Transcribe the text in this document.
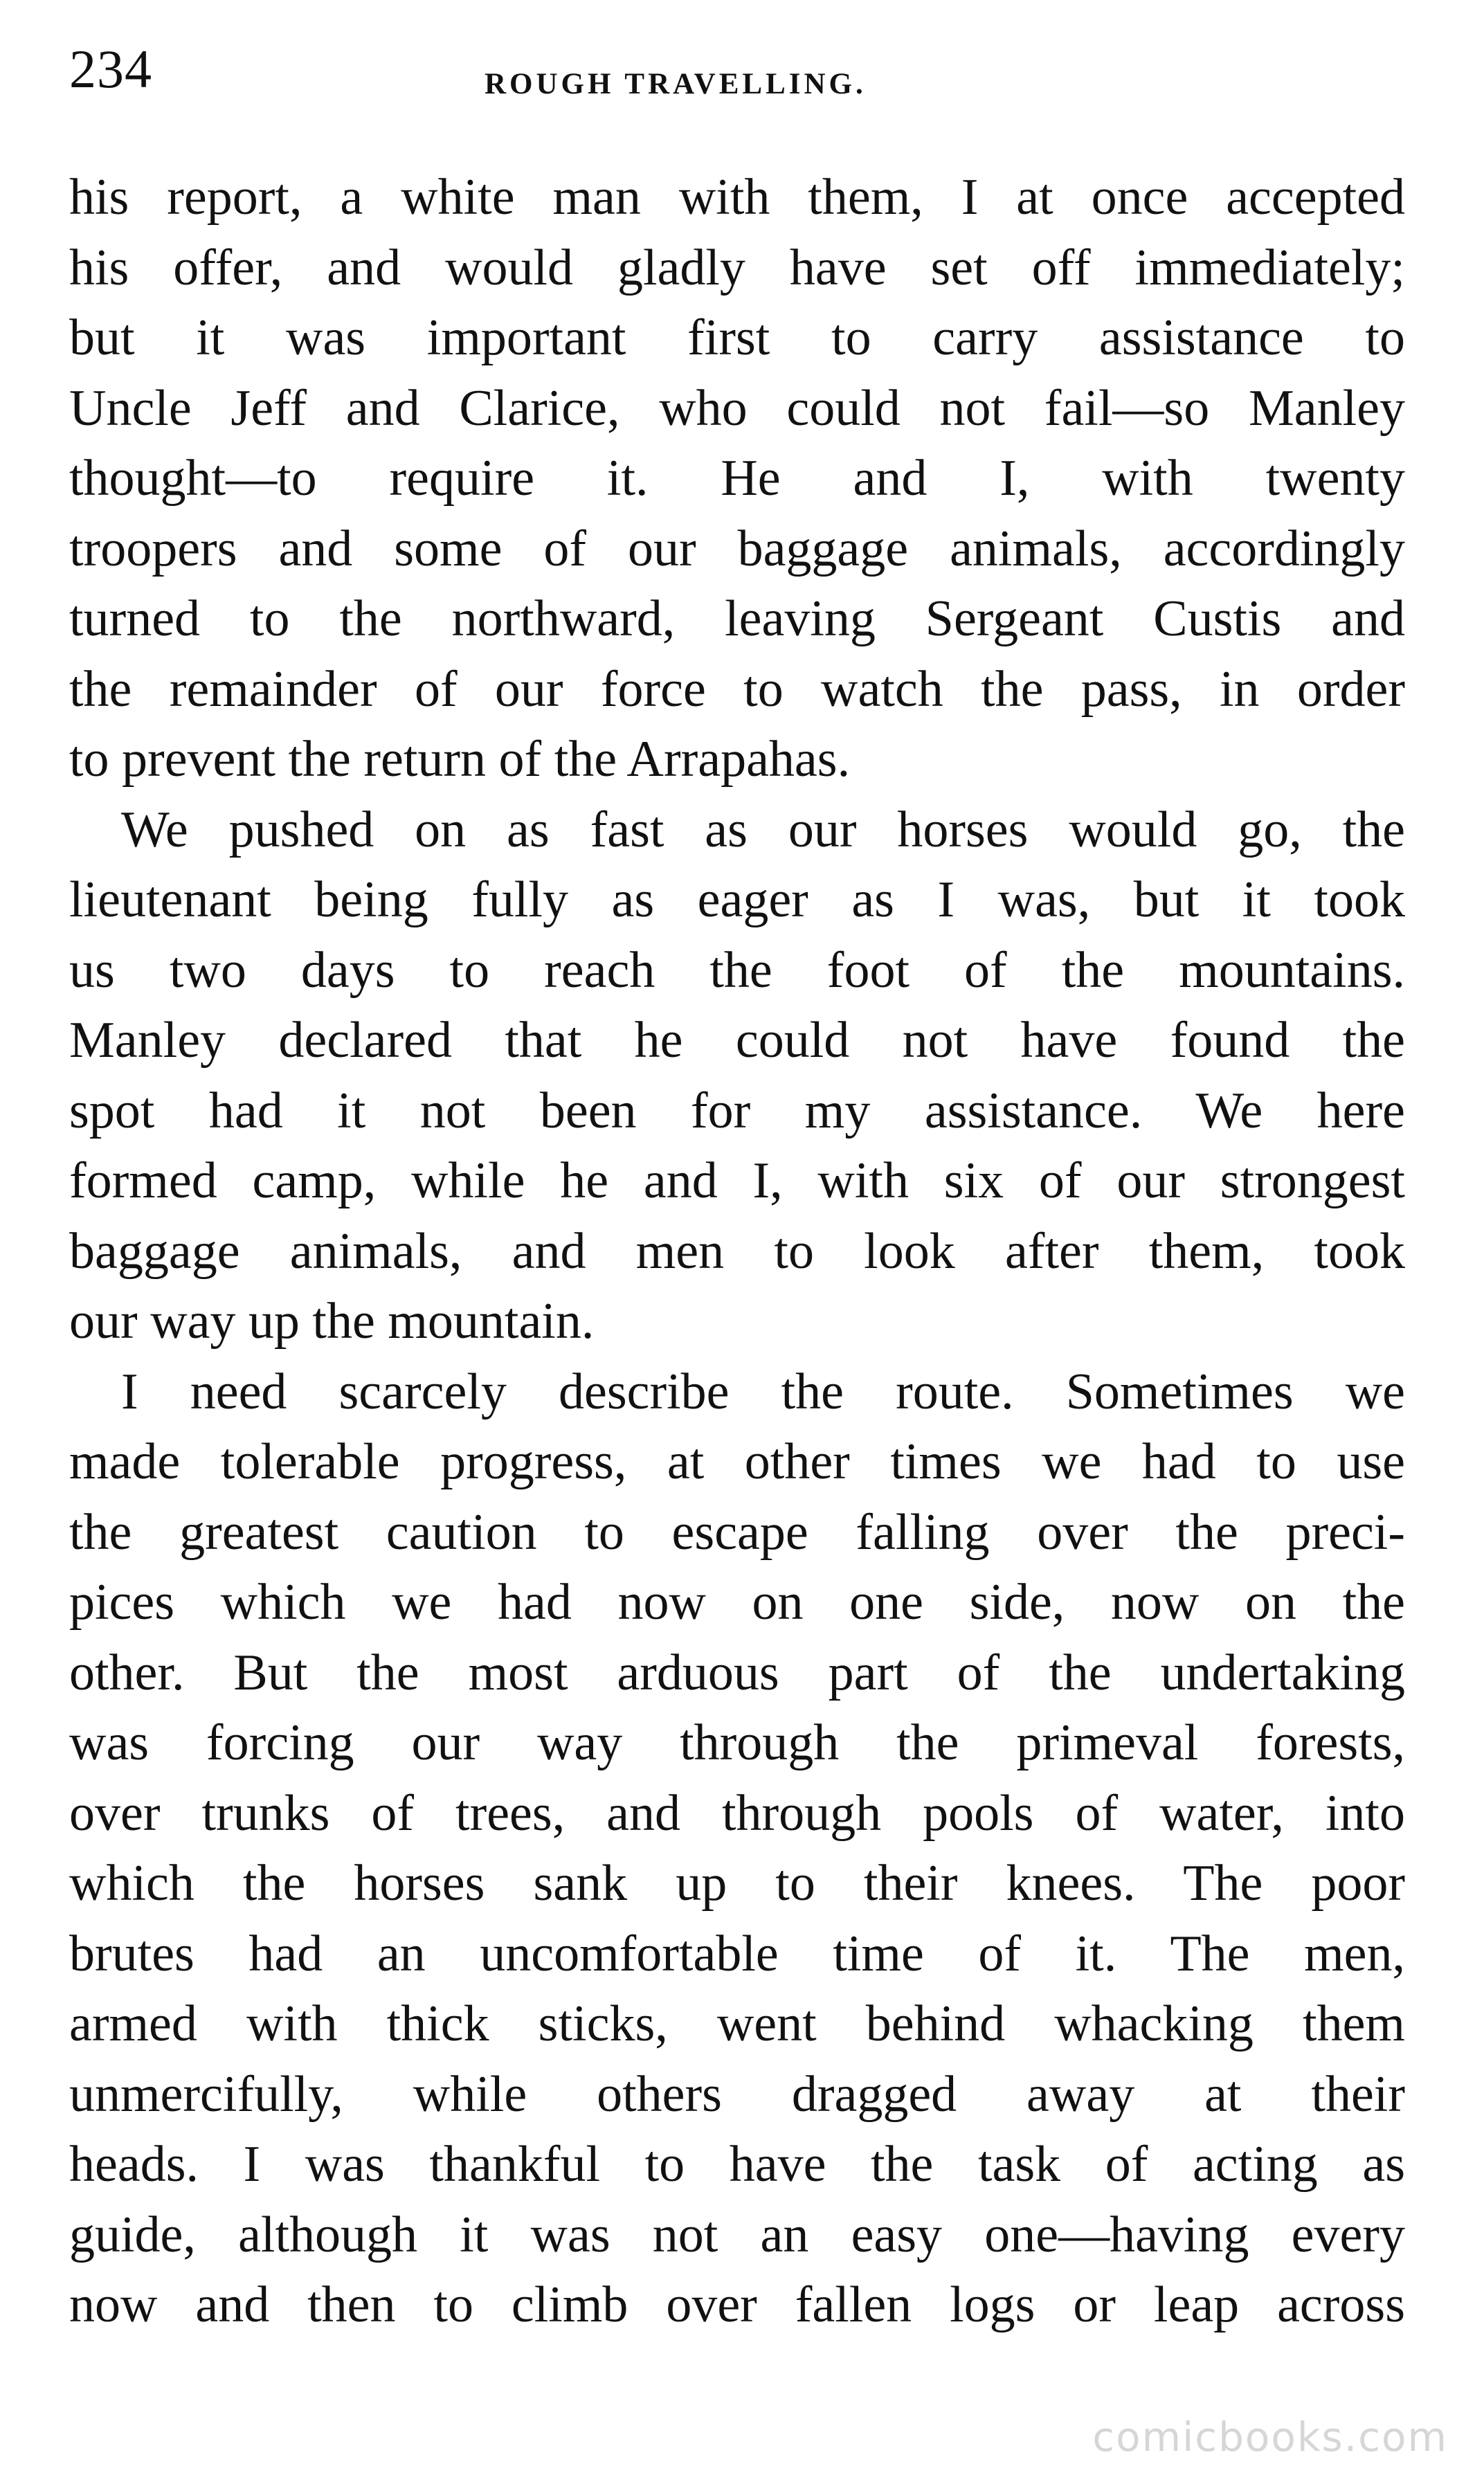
234	ROUGH TRAVELLING.
his report, a white man with them, I at once accepted
his offer, and would gladly have set off immediately;
but it was important first to carry assistance to
Uncle Jeff and Clarice, who could not fail—so Manley
thought—to require it. He and I, with twenty
troopers and some of our baggage animals, accordingly
turned to the northward, leaving Sergeant Custis and
the remainder of our force to watch the pass, in order
to prevent the return of the Arrapahas.
We pushed on as fast as our horses would go, the
lieutenant being fully as eager as I was, but it took
us two days to reach the foot of the mountains.
Manley declared that he could not have found the
spot had it not been for my assistance. We here
formed camp, while he and I, with six of our strongest
baggage animals, and men to look after them, took
our way up the mountain.
I need scarcely describe the route. Sometimes we
made tolerable progress, at other times we had to use
the greatest caution to escape falling over the preci-
pices which we had now on one side, now on the
other. But the most arduous part of the undertaking
was forcing our way through the primeval forests,
over trunks of trees, and through pools of water, into
which the horses sank up to their knees. The poor
brutes had an uncomfortable time of it. The men,
armed with thick sticks, went behind whacking them
unmercifully, while others dragged away at their
heads. I was thankful to have the task of acting as
guide, although it was not an easy one—having every
now and then to climb over fallen logs or leap across
comicbooks.com
